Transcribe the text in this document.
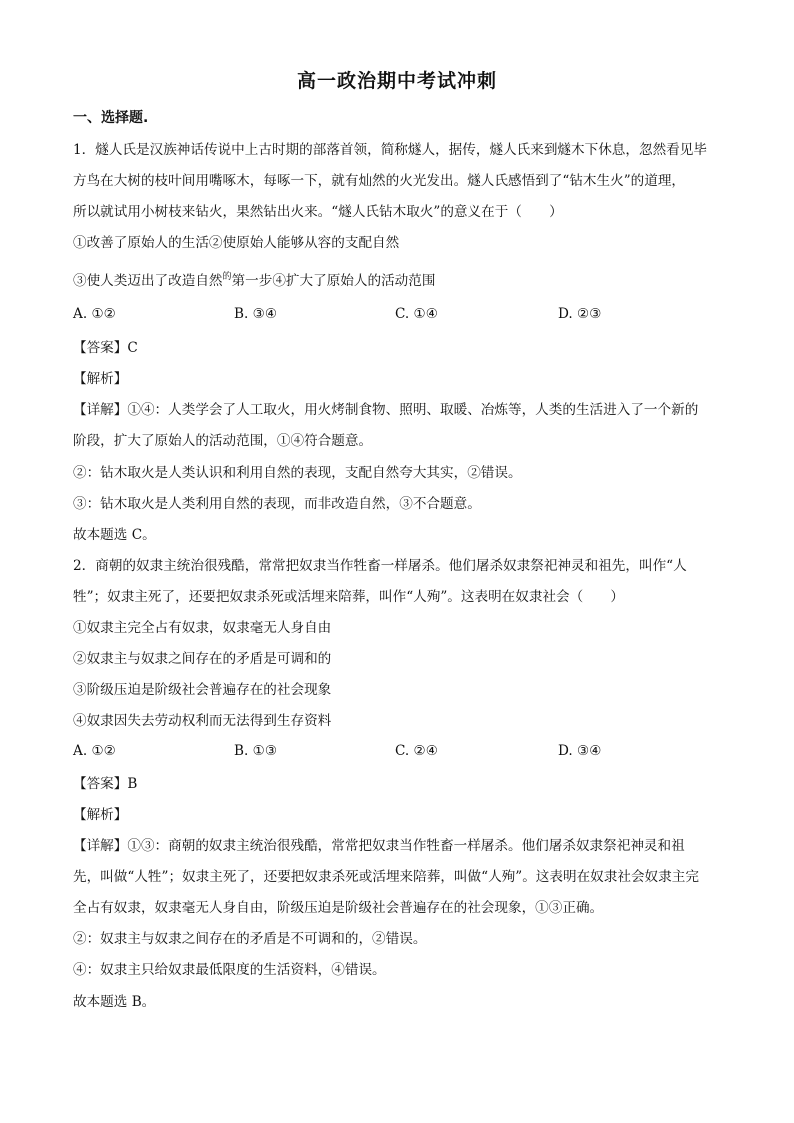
高一政治期中考试冲刺
一、选择题.
1．燧人氏是汉族神话传说中上古时期的部落首领，简称燧人，据传，燧人氏来到燧木下休息，忽然看见毕
方鸟在大树的枝叶间用嘴啄木，每啄一下，就有灿然的火光发出。燧人氏感悟到了“钻木生火”的道理，
所以就试用小树枝来钻火，果然钻出火来。“燧人氏钻木取火”的意义在于（　　）
①改善了原始人的生活②使原始人能够从容的支配自然
③使人类迈出了改造自然$^的$第一步④扩大了原始人的活动范围
A. ①②	B. ③④	C. ①④	D. ②③
【答案】C
【解析】
【详解】①④：人类学会了人工取火，用火烤制食物、照明、取暖、冶炼等，人类的生活进入了一个新的
阶段，扩大了原始人的活动范围，①④符合题意。
②：钻木取火是人类认识和利用自然的表现，支配自然夸大其实，②错误。
③：钻木取火是人类利用自然的表现，而非改造自然，③不合题意。
故本题选 C。
2．商朝的奴隶主统治很残酷，常常把奴隶当作牲畜一样屠杀。他们屠杀奴隶祭祀神灵和祖先，叫作“人
牲”；奴隶主死了，还要把奴隶杀死或活埋来陪葬，叫作“人殉”。这表明在奴隶社会（　　）
①奴隶主完全占有奴隶，奴隶毫无人身自由
②奴隶主与奴隶之间存在的矛盾是可调和的
③阶级压迫是阶级社会普遍存在的社会现象
④奴隶因失去劳动权利而无法得到生存资料
A. ①②	B. ①③	C. ②④	D. ③④
【答案】B
【解析】
【详解】①③：商朝的奴隶主统治很残酷，常常把奴隶当作牲畜一样屠杀。他们屠杀奴隶祭祀神灵和祖
先，叫做“人牲”；奴隶主死了，还要把奴隶杀死或活埋来陪葬，叫做“人殉”。这表明在奴隶社会奴隶主完
全占有奴隶，奴隶毫无人身自由，阶级压迫是阶级社会普遍存在的社会现象，①③正确。
②：奴隶主与奴隶之间存在的矛盾是不可调和的，②错误。
④：奴隶主只给奴隶最低限度的生活资料，④错误。
故本题选 B。
